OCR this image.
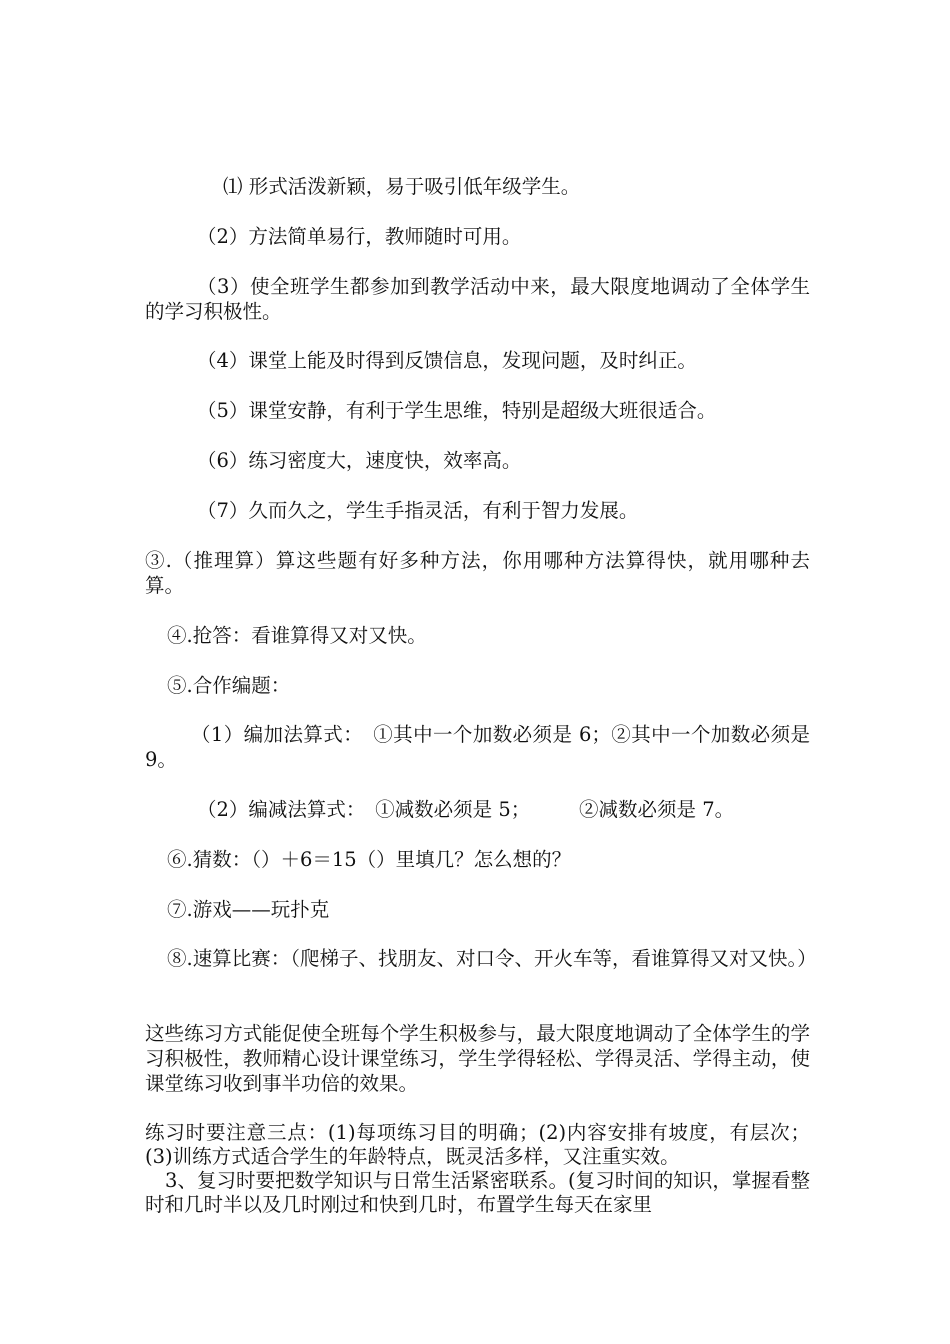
⑴ 形式活泼新颖，易于吸引低年级学生。

（2）方法简单易行，教师随时可用。

（3）使全班学生都参加到教学活动中来，最大限度地调动了全体学生的学习积极性。

（4）课堂上能及时得到反馈信息，发现问题，及时纠正。

（5）课堂安静，有利于学生思维，特别是超级大班很适合。

（6）练习密度大，速度快，效率高。

（7）久而久之，学生手指灵活，有利于智力发展。

③.（推理算）算这些题有好多种方法，你用哪种方法算得快，就用哪种去算。

④.抢答：看谁算得又对又快。

⑤.合作编题：

（1）编加法算式：　①其中一个加数必须是 6；②其中一个加数必须是 9。

（2）编减法算式：　①减数必须是 5；　　　②减数必须是 7。

⑥.猜数：（）＋6＝15（）里填几？怎么想的？

⑦.游戏——玩扑克

⑧.速算比赛：（爬梯子、找朋友、对口令、开火车等，看谁算得又对又快。）

这些练习方式能促使全班每个学生积极参与，最大限度地调动了全体学生的学习积极性，教师精心设计课堂练习，学生学得轻松、学得灵活、学得主动，使课堂练习收到事半功倍的效果。

练习时要注意三点：(1)每项练习目的明确；(2)内容安排有坡度，有层次；(3)训练方式适合学生的年龄特点，既灵活多样，又注重实效。

3、复习时要把数学知识与日常生活紧密联系。(复习时间的知识，掌握看整时和几时半以及几时刚过和快到几时，布置学生每天在家里
